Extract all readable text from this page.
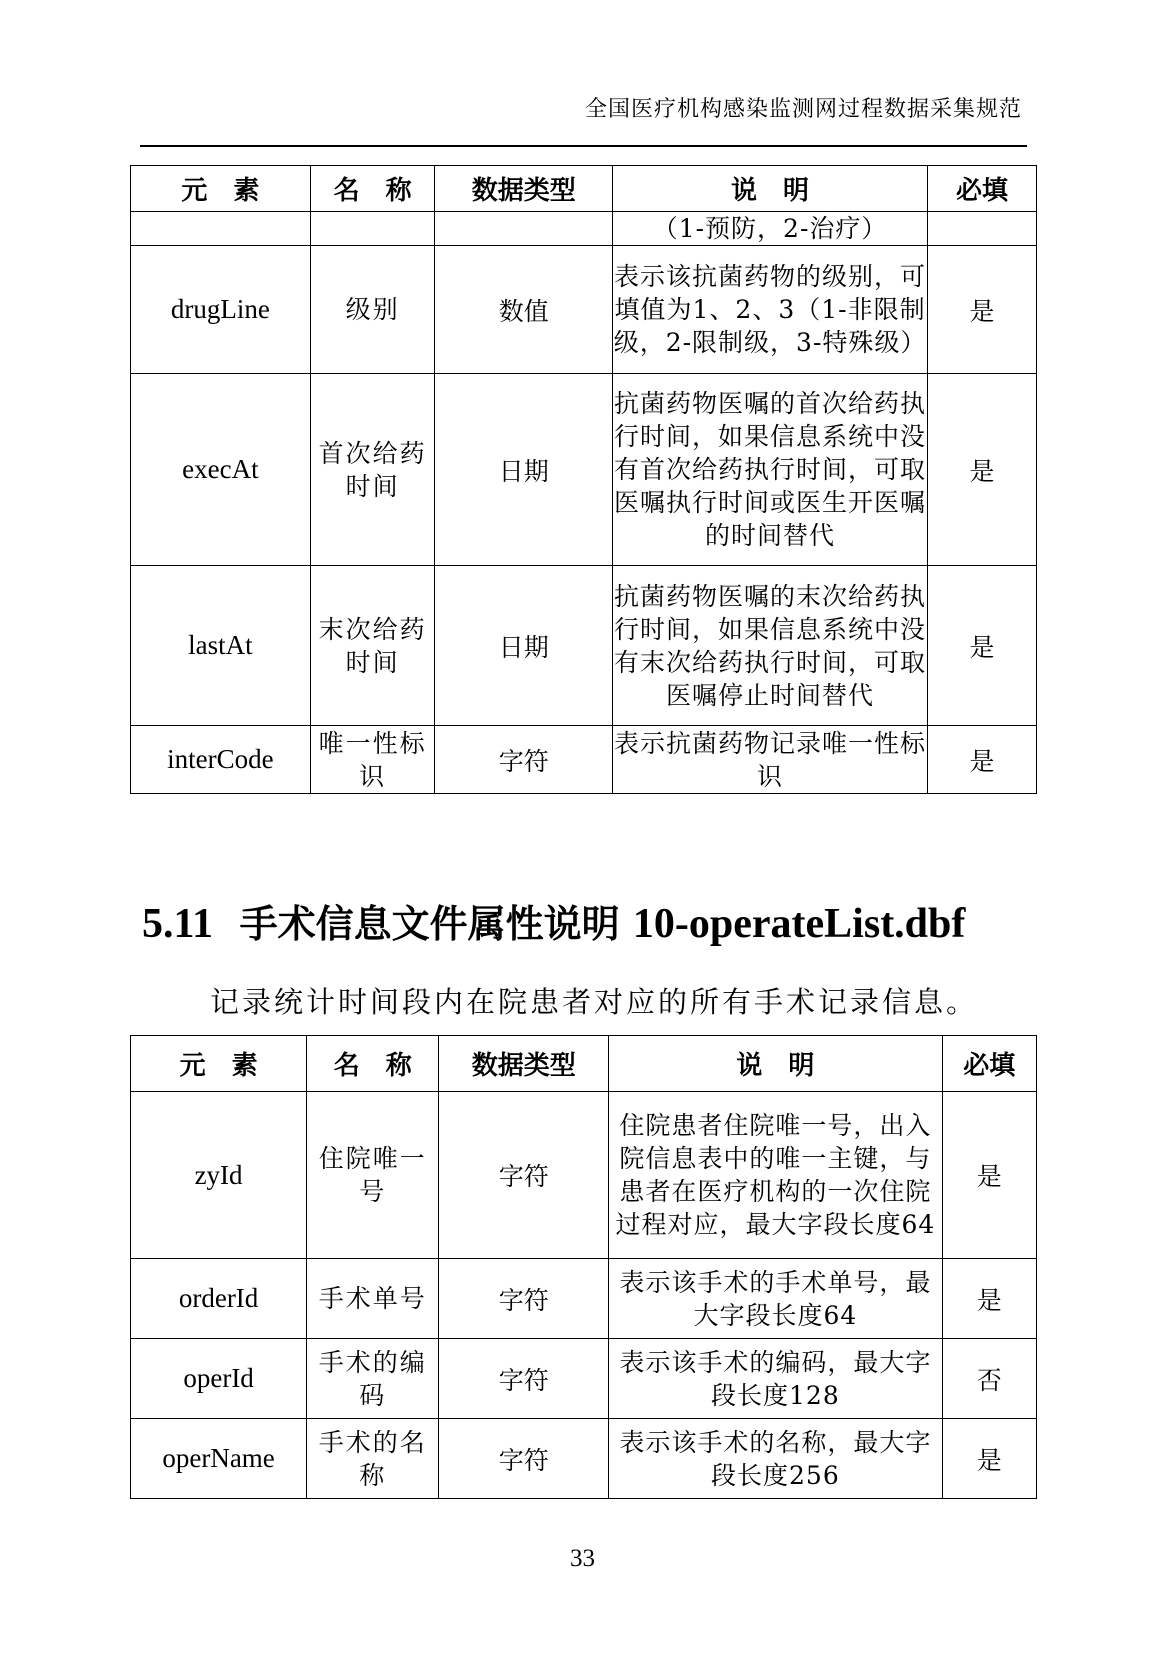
全国医疗机构感染监测网过程数据采集规范
元　素	名　称	数据类型	说　明	必填
			（1-预防，2-治疗）	
drugLine	级别	数值	表示该抗菌药物的级别，可填值为1、2、3（1-非限制级，2-限制级，3-特殊级）	是
execAt	首次给药时间	日期	抗菌药物医嘱的首次给药执行时间，如果信息系统中没有首次给药执行时间，可取医嘱执行时间或医生开医嘱的时间替代	是
lastAt	末次给药时间	日期	抗菌药物医嘱的末次给药执行时间，如果信息系统中没有末次给药执行时间，可取医嘱停止时间替代	是
interCode	唯一性标识	字符	表示抗菌药物记录唯一性标识	是
5.11 手术信息文件属性说明 10-operateList.dbf
记录统计时间段内在院患者对应的所有手术记录信息。
元　素	名　称	数据类型	说　明	必填
zyId	住院唯一号	字符	住院患者住院唯一号，出入院信息表中的唯一主键，与患者在医疗机构的一次住院过程对应，最大字段长度64	是
orderId	手术单号	字符	表示该手术的手术单号，最大字段长度64	是
operId	手术的编码	字符	表示该手术的编码，最大字段长度128	否
operName	手术的名称	字符	表示该手术的名称，最大字段长度256	是
33
